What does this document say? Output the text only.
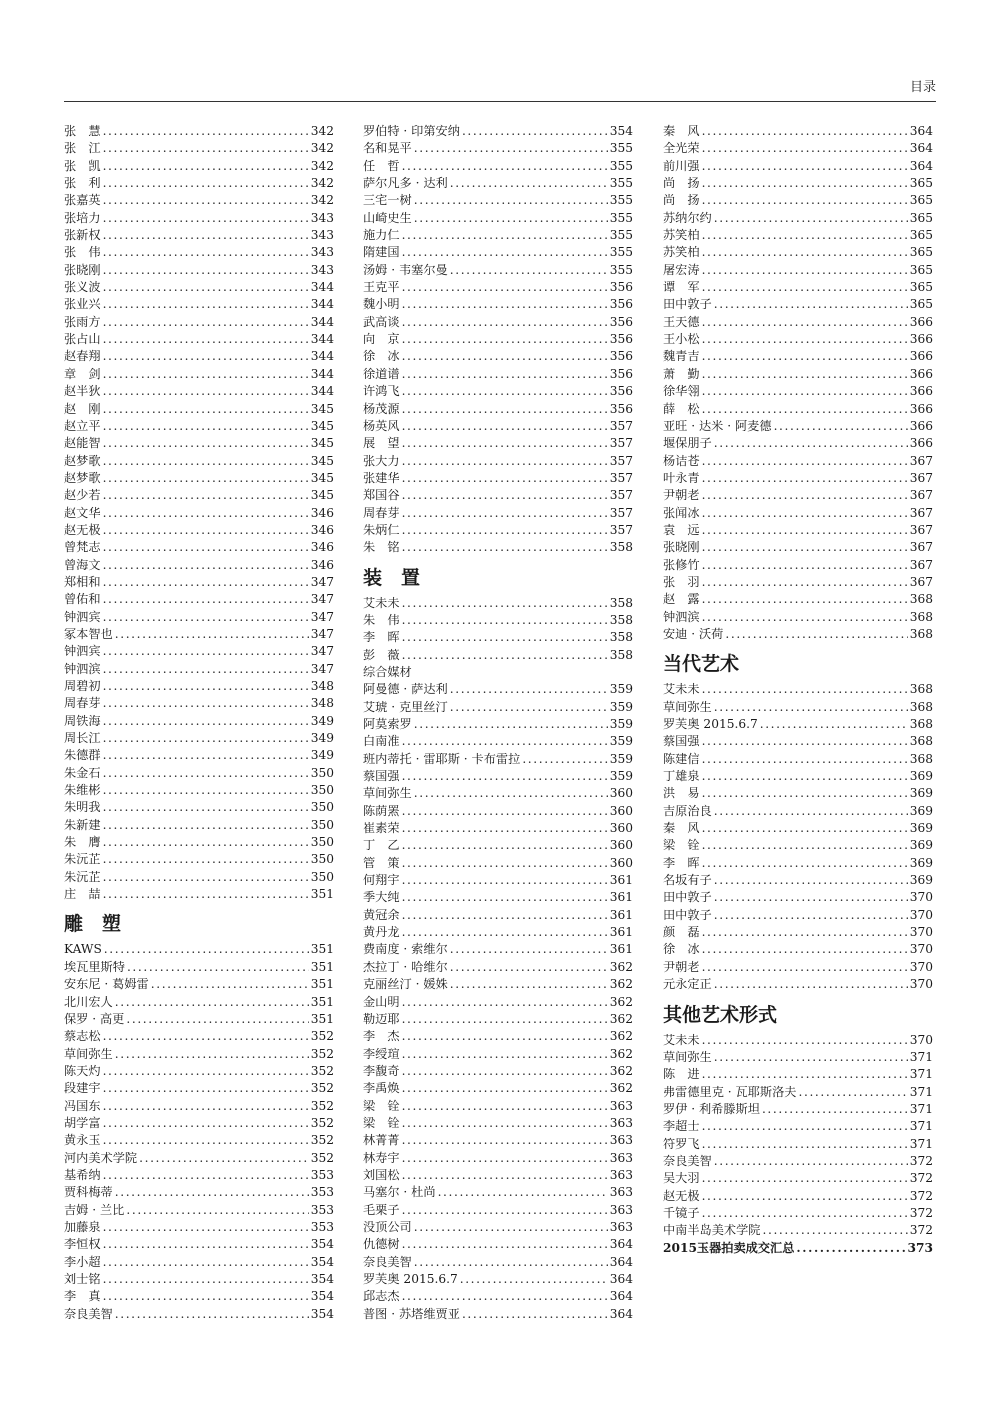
目录
张　慧 .....	342
张　江 .....	342
张　凯 .....	342
张　利 .....	342
张嘉英 .....	342
张培力 .....	343
张新权 .....	343
张　伟 .....	343
张晓刚 .....	343
张义波 .....	344
张业兴 .....	344
张雨方 .....	344
张占山 .....	344
赵春翔 .....	344
章　剑 .....	344
赵半狄 .....	344
赵　刚 .....	345
赵立平 .....	345
赵能智 .....	345
赵梦歌 .....	345
赵梦歌 .....	345
赵少若 .....	345
赵文华 .....	346
赵无极 .....	346
曾梵志 .....	346
曾海文 .....	346
郑相和 .....	347
曾佑和 .....	347
钟泗宾 .....	347
冢本智也 .....	347
钟泗宾 .....	347
钟泗滨 .....	347
周碧初 .....	348
周春芽 .....	348
周铁海 .....	349
周长江 .....	349
朱德群 .....	349
朱金石 .....	350
朱维彬 .....	350
朱明我 .....	350
朱新建 .....	350
朱　膺 .....	350
朱沅芷 .....	350
朱沅芷 .....	350
庄　喆 .....	351
雕　塑
KAWS .....	351
埃瓦里斯特 .....	351
安东尼 · 葛姆雷 .....	351
北川宏人 .....	351
保罗 · 高更 .....	351
蔡志松 .....	352
草间弥生 .....	352
陈天灼 .....	352
段建宇 .....	352
冯国东 .....	352
胡学富 .....	352
黄永玉 .....	352
河内美术学院 .....	352
基希纳 .....	353
贾科梅蒂 .....	353
吉姆 · 兰比 .....	353
加藤泉 .....	353
李恒权 .....	354
李小超 .....	354
刘士铭 .....	354
李　真 .....	354
奈良美智 .....	354
罗伯特 · 印第安纳 .....	354
名和晃平 .....	355
任　哲 .....	355
萨尔凡多 · 达利 .....	355
三宅一树 .....	355
山崎史生 .....	355
施力仁 .....	355
隋建国 .....	355
汤姆 · 韦塞尔曼 .....	355
王克平 .....	356
魏小明 .....	356
武高谈 .....	356
向　京 .....	356
徐　冰 .....	356
徐道谱 .....	356
许鸿飞 .....	356
杨茂源 .....	356
杨英风 .....	357
展　望 .....	357
张大力 .....	357
张建华 .....	357
郑国谷 .....	357
周春芽 .....	357
朱炳仁 .....	357
朱　铭 .....	358
装　置
艾未未 .....	358
朱　伟 .....	358
李　晖 .....	358
彭　薇 .....	358
综合媒材
阿曼德 · 萨达利 .....	359
艾琥 · 克里丝汀 .....	359
阿莫索罗 .....	359
白南准 .....	359
班内蒂托 · 雷耶斯 · 卡布雷拉 .....	359
蔡国强 .....	359
草间弥生 .....	360
陈荫罴 .....	360
崔素荣 .....	360
丁　乙 .....	360
管　策 .....	360
何翔宇 .....	361
季大纯 .....	361
黄冠余 .....	361
黄丹龙 .....	361
费南度 · 索维尔 .....	361
杰拉丁 · 哈维尔 .....	362
克丽丝汀 · 媛姝 .....	362
金山明 .....	362
勒迈耶 .....	362
李　杰 .....	362
李绶瑄 .....	362
李馥奇 .....	362
李禹焕 .....	362
梁　铨 .....	363
梁　铨 .....	363
林菁菁 .....	363
林寿宇 .....	363
刘国松 .....	363
马塞尔 · 杜尚 .....	363
毛栗子 .....	363
没顶公司 .....	363
仇德树 .....	364
奈良美智 .....	364
罗芙奥 2015.6.7 .....	364
邱志杰 .....	364
普图 · 苏塔维贾亚 .....	364
秦　风 .....	364
全光荣 .....	364
前川强 .....	364
尚　扬 .....	365
尚　扬 .....	365
苏纳尔约 .....	365
苏笑柏 .....	365
苏笑柏 .....	365
屠宏涛 .....	365
谭　军 .....	365
田中敦子 .....	365
王天德 .....	366
王小松 .....	366
魏青吉 .....	366
萧　勤 .....	366
徐华翎 .....	366
薛　松 .....	366
亚旺 · 达米 · 阿麦德 .....	366
堰保朋子 .....	366
杨诘苍 .....	367
叶永青 .....	367
尹朝老 .....	367
张闻冰 .....	367
袁　远 .....	367
张晓刚 .....	367
张修竹 .....	367
张　羽 .....	367
赵　露 .....	368
钟泗滨 .....	368
安迪 · 沃荷 .....	368
当代艺术
艾未未 .....	368
草间弥生 .....	368
罗芙奥 2015.6.7 .....	368
蔡国强 .....	368
陈建信 .....	368
丁雄泉 .....	369
洪　易 .....	369
吉原治良 .....	369
秦　风 .....	369
梁　铨 .....	369
李　晖 .....	369
名坂有子 .....	369
田中敦子 .....	370
田中敦子 .....	370
颜　磊 .....	370
徐　冰 .....	370
尹朝老 .....	370
元永定正 .....	370
其他艺术形式
艾未未 .....	370
草间弥生 .....	371
陈　进 .....	371
弗雷德里克 · 瓦耶斯洛夫 .....	371
罗伊 · 利希滕斯坦 .....	371
李超士 .....	371
符罗飞 .....	371
奈良美智 .....	372
吴大羽 .....	372
赵无极 .....	372
千镜子 .....	372
中南半岛美术学院 .....	372
2015玉器拍卖成交汇总 .....	373
